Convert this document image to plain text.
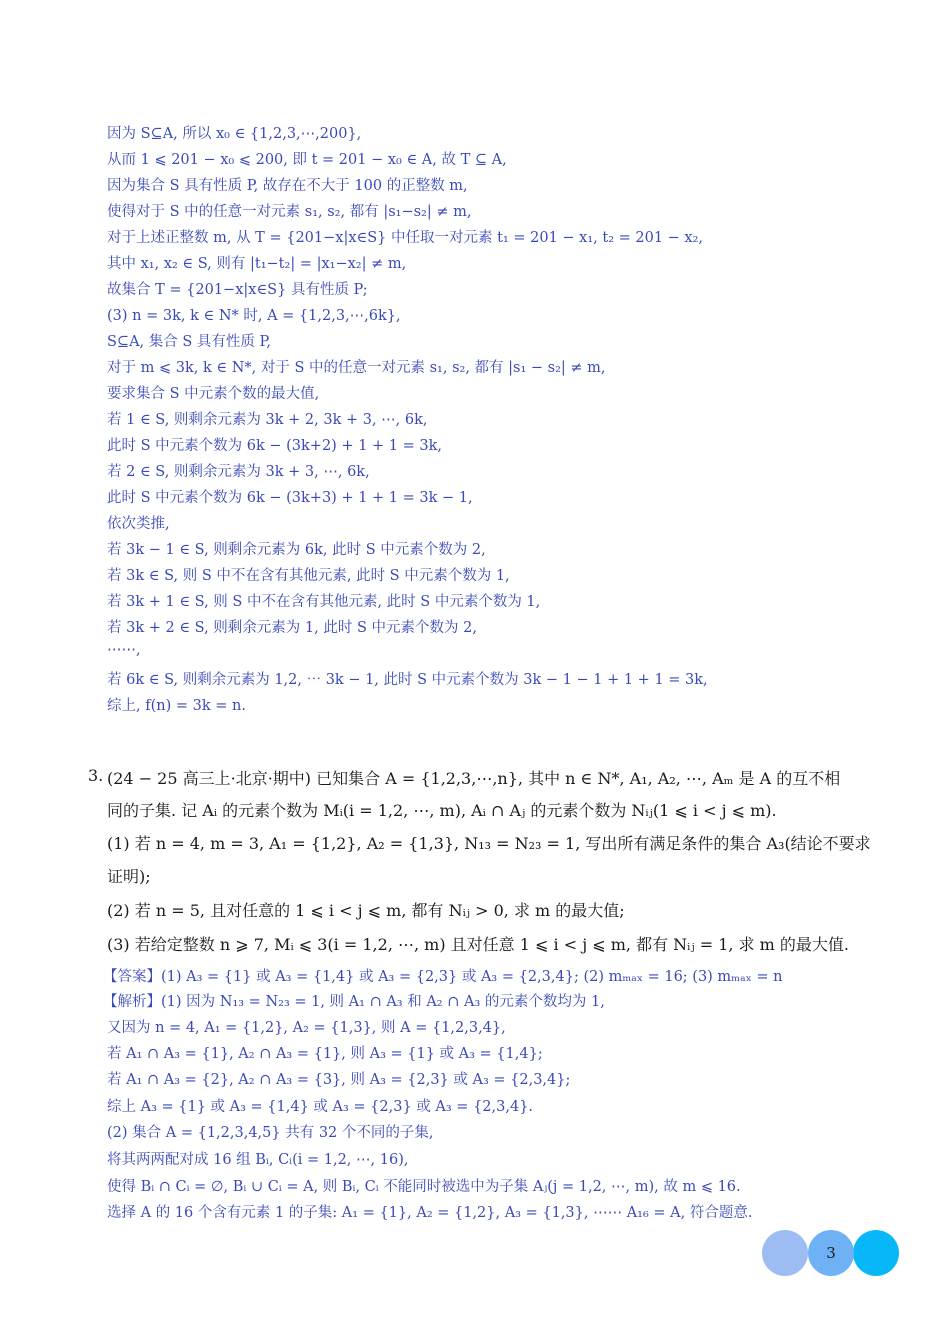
因为 S⊆A, 所以 x₀ ∈ {1,2,3,⋯,200},
从而 1 ⩽ 201 − x₀ ⩽ 200, 即 t = 201 − x₀ ∈ A, 故 T ⊆ A,
因为集合 S 具有性质 P, 故存在不大于 100 的正整数 m,
使得对于 S 中的任意一对元素 s₁, s₂, 都有 |s₁−s₂| ≠ m,
对于上述正整数 m, 从 T = {201−x|x∈S} 中任取一对元素 t₁ = 201 − x₁, t₂ = 201 − x₂,
其中 x₁, x₂ ∈ S, 则有 |t₁−t₂| = |x₁−x₂| ≠ m,
故集合 T = {201−x|x∈S} 具有性质 P;
(3) n = 3k, k ∈ N* 时, A = {1,2,3,⋯,6k},
S⊆A, 集合 S 具有性质 P,
对于 m ⩽ 3k, k ∈ N*, 对于 S 中的任意一对元素 s₁, s₂, 都有 |s₁ − s₂| ≠ m,
要求集合 S 中元素个数的最大值,
若 1 ∈ S, 则剩余元素为 3k + 2, 3k + 3, ⋯, 6k,
此时 S 中元素个数为 6k − (3k+2) + 1 + 1 = 3k,
若 2 ∈ S, 则剩余元素为 3k + 3, ⋯, 6k,
此时 S 中元素个数为 6k − (3k+3) + 1 + 1 = 3k − 1,
依次类推,
若 3k − 1 ∈ S, 则剩余元素为 6k, 此时 S 中元素个数为 2,
若 3k ∈ S, 则 S 中不在含有其他元素, 此时 S 中元素个数为 1,
若 3k + 1 ∈ S, 则 S 中不在含有其他元素, 此时 S 中元素个数为 1,
若 3k + 2 ∈ S, 则剩余元素为 1, 此时 S 中元素个数为 2,
⋯⋯,
若 6k ∈ S, 则剩余元素为 1,2, ⋯ 3k − 1, 此时 S 中元素个数为 3k − 1 − 1 + 1 + 1 = 3k,
综上, f(n) = 3k = n.
3. (24 − 25 高三上·北京·期中) 已知集合 A = {1,2,3,⋯,n}, 其中 n ∈ N*, A₁, A₂, ⋯, Aₘ 是 A 的互不相
同的子集. 记 Aᵢ 的元素个数为 Mᵢ(i = 1,2, ⋯, m), Aᵢ ∩ Aⱼ 的元素个数为 Nᵢⱼ(1 ⩽ i < j ⩽ m).
(1) 若 n = 4, m = 3, A₁ = {1,2}, A₂ = {1,3}, N₁₃ = N₂₃ = 1, 写出所有满足条件的集合 A₃(结论不要求
证明);
(2) 若 n = 5, 且对任意的 1 ⩽ i < j ⩽ m, 都有 Nᵢⱼ > 0, 求 m 的最大值;
(3) 若给定整数 n ⩾ 7, Mᵢ ⩽ 3(i = 1,2, ⋯, m) 且对任意 1 ⩽ i < j ⩽ m, 都有 Nᵢⱼ = 1, 求 m 的最大值.
【答案】(1) A₃ = {1} 或 A₃ = {1,4} 或 A₃ = {2,3} 或 A₃ = {2,3,4}; (2) mₘₐₓ = 16; (3) mₘₐₓ = n
【解析】(1) 因为 N₁₃ = N₂₃ = 1, 则 A₁ ∩ A₃ 和 A₂ ∩ A₃ 的元素个数均为 1,
又因为 n = 4, A₁ = {1,2}, A₂ = {1,3}, 则 A = {1,2,3,4},
若 A₁ ∩ A₃ = {1}, A₂ ∩ A₃ = {1}, 则 A₃ = {1} 或 A₃ = {1,4};
若 A₁ ∩ A₃ = {2}, A₂ ∩ A₃ = {3}, 则 A₃ = {2,3} 或 A₃ = {2,3,4};
综上 A₃ = {1} 或 A₃ = {1,4} 或 A₃ = {2,3} 或 A₃ = {2,3,4}.
(2) 集合 A = {1,2,3,4,5} 共有 32 个不同的子集,
将其两两配对成 16 组 Bᵢ, Cᵢ(i = 1,2, ⋯, 16),
使得 Bᵢ ∩ Cᵢ = ∅, Bᵢ ∪ Cᵢ = A, 则 Bᵢ, Cᵢ 不能同时被选中为子集 Aⱼ(j = 1,2, ⋯, m), 故 m ⩽ 16.
选择 A 的 16 个含有元素 1 的子集: A₁ = {1}, A₂ = {1,2}, A₃ = {1,3}, ⋯⋯ A₁₆ = A, 符合题意.
3
